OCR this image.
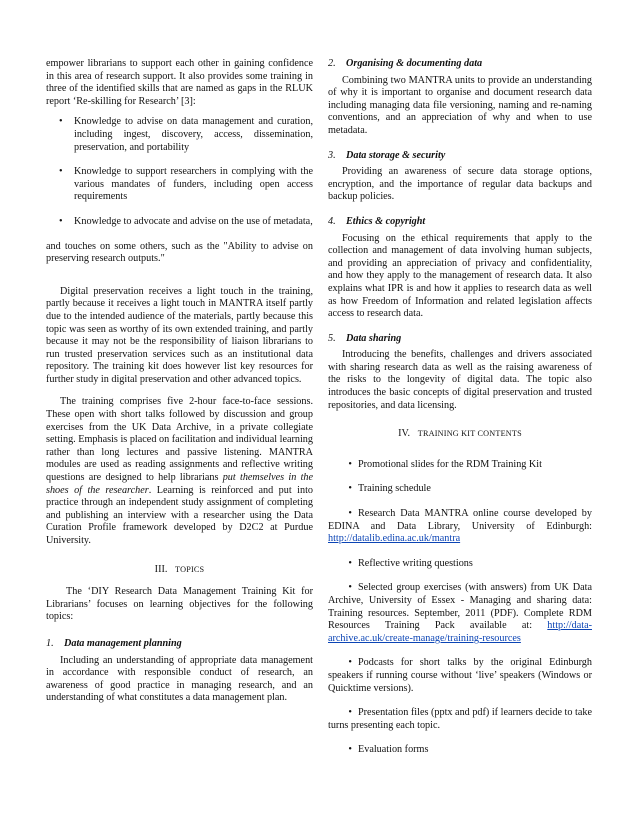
empower librarians to support each other in gaining confidence in this area of research support. It also provides some training in three of the identified skills that are named as gaps in the RLUK report ‘Re-skilling for Research’ [3]:

• Knowledge to advise on data management and curation, including ingest, discovery, access, dissemination, preservation, and portability
• Knowledge to support researchers in complying with the various mandates of funders, including open access requirements
• Knowledge to advocate and advise on the use of metadata,

and touches on some others, such as the "Ability to advise on preserving research outputs."

Digital preservation receives a light touch in the training, partly because it receives a light touch in MANTRA itself partly due to the intended audience of the materials, partly because this topic was seen as worthy of its own extended training, and partly because it may not be the responsibility of liaison librarians to run trusted preservation services such as an institutional data repository. The training kit does however list key resources for further study in digital preservation and other advanced topics.

The training comprises five 2-hour face-to-face sessions. These open with short talks followed by discussion and group exercises from the UK Data Archive, in a private collegiate setting. Emphasis is placed on facilitation and individual learning rather than long lectures and passive listening. MANTRA modules are used as reading assignments and reflective writing questions are designed to help librarians put themselves in the shoes of the researcher. Learning is reinforced and put into practice through an independent study assignment of completing and publishing an interview with a researcher using the Data Curation Profile framework developed by D2C2 at Purdue University.

III. TOPICS

The ‘DIY Research Data Management Training Kit for Librarians’ focuses on learning objectives for the following topics:

1. Data management planning

Including an understanding of appropriate data management in accordance with responsible conduct of research, an awareness of good practice in managing research, and an understanding of what constitutes a data management plan.

2. Organising & documenting data

Combining two MANTRA units to provide an understanding of why it is important to organise and document research data including managing data file versioning, naming and re-naming conventions, and an appreciation of why and when to use metadata.

3. Data storage & security

Providing an awareness of secure data storage options, encryption, and the importance of regular data backups and backup policies.

4. Ethics & copyright

Focusing on the ethical requirements that apply to the collection and management of data involving human subjects, and providing an appreciation of privacy and confidentiality, and how they apply to the management of research data. It also explains what IPR is and how it applies to research data as well as how Freedom of Information and related legislation affects access to research data.

5. Data sharing

Introducing the benefits, challenges and drivers associated with sharing research data as well as the raising awareness of the risks to the longevity of digital data. The topic also introduces the basic concepts of digital preservation and trusted repositories, and data licensing.

IV. TRAINING KIT CONTENTS
• Promotional slides for the RDM Training Kit
• Training schedule
• Research Data MANTRA online course developed by EDINA and Data Library, University of Edinburgh: http://datalib.edina.ac.uk/mantra
• Reflective writing questions
• Selected group exercises (with answers) from UK Data Archive, University of Essex - Managing and sharing data: Training resources. September, 2011 (PDF). Complete RDM Resources Training Pack available at: http://data-archive.ac.uk/create-manage/training-resources
• Podcasts for short talks by the original Edinburgh speakers if running course without ‘live’ speakers (Windows or Quicktime versions).
• Presentation files (pptx and pdf) if learners decide to take turns presenting each topic.
• Evaluation forms
